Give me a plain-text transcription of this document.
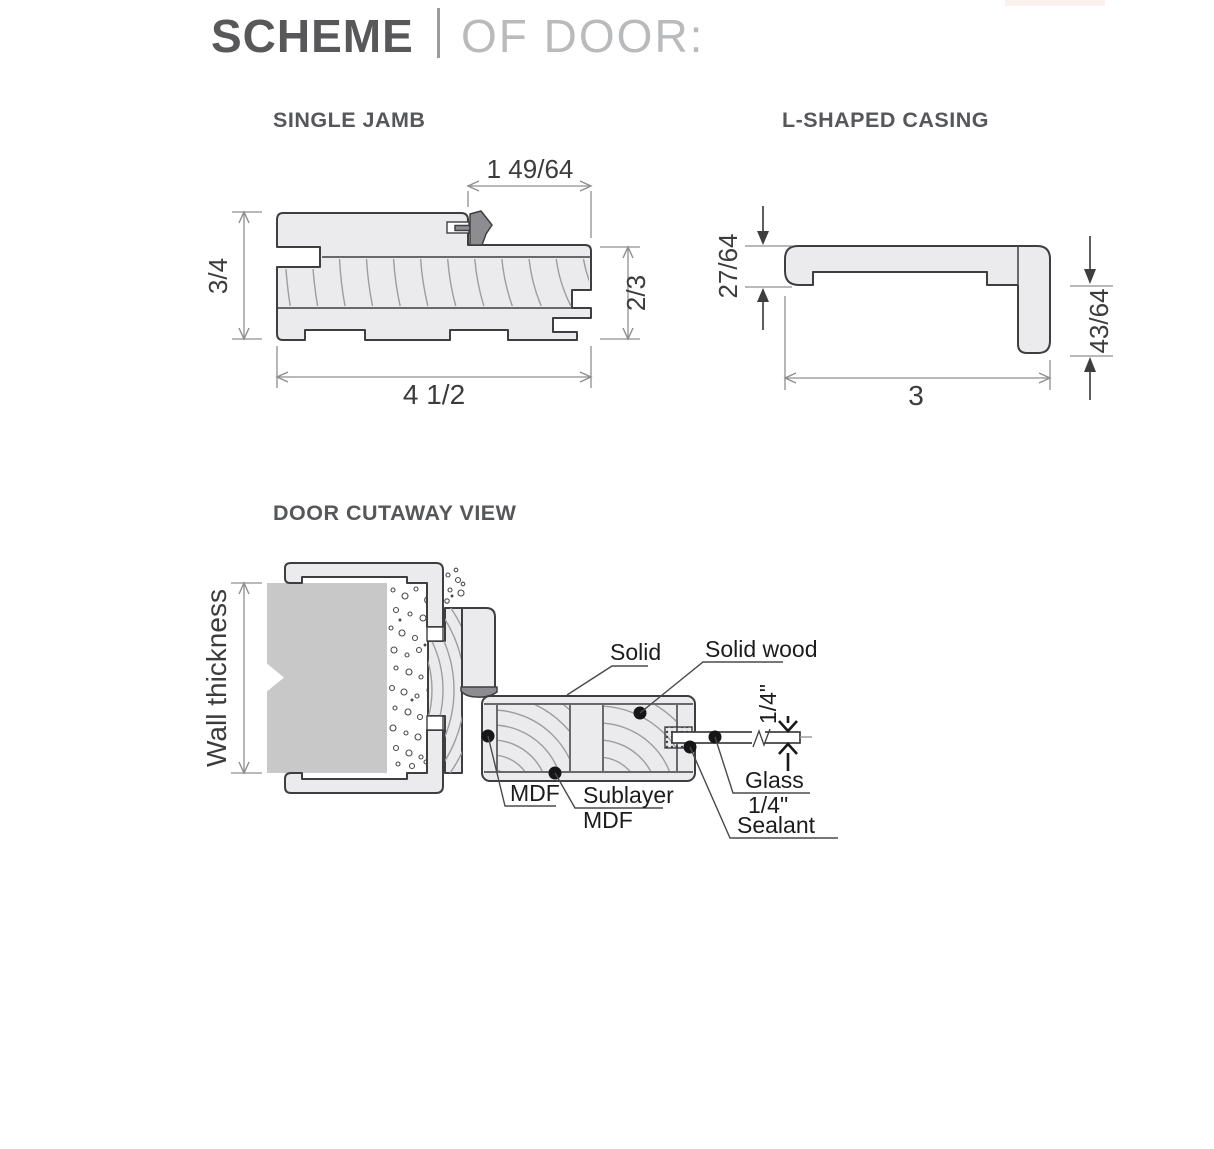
SCHEME OF DOOR:
SINGLE JAMB
1 49/64
3/4	2/3
4 1/2
L-SHAPED CASING
27/64
43/64
3
DOOR CUTAWAY VIEW
Wall thickness	1/4"
Solid Solid wood
MDF Sublayer
MDF
Glass
1/4"
Sealant
